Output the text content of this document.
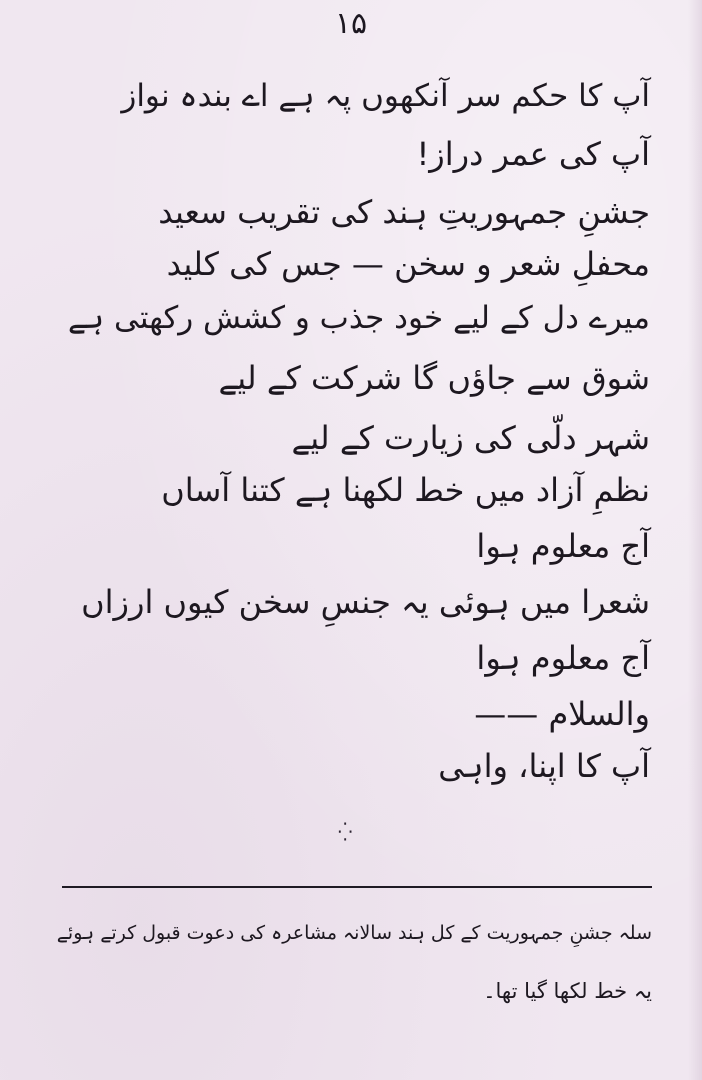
١۵
آپ کا حکم سر آنکھوں پہ ہے اے بندہ نواز
آپ کی عمر دراز!
جشنِ جمہوریتِ ہند کی تقریب سعید
محفلِ شعر و سخن — جس کی کلید
میرے دل کے لیے خود جذب و کشش رکھتی ہے
شوق سے جاؤں گا شرکت کے لیے
شہر دلّی کی زیارت کے لیے
نظمِ آزاد میں خط لکھنا ہے کتنا آساں
آج معلوم ہوا
شعرا میں ہوئی یہ جنسِ سخن کیوں ارزاں
آج معلوم ہوا
والسلام ——
آپ کا اپنا، واہی
⁛
سلہ جشنِ جمہوریت کے کل ہند سالانہ مشاعرہ کی دعوت قبول کرتے ہوئے
یہ خط لکھا گیا تھا۔
